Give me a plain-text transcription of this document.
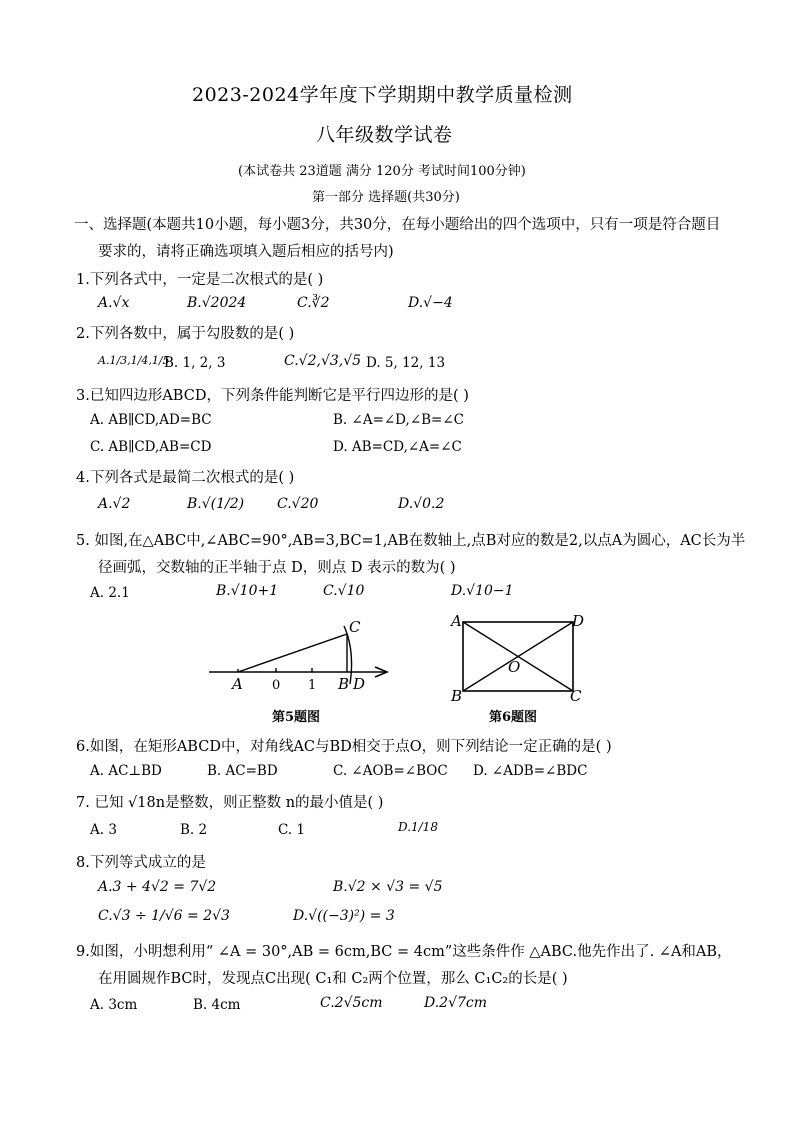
2023-2024学年度下学期期中教学质量检测
八年级数学试卷
(本试卷共 23道题 满分 120分 考试时间100分钟)
第一部分 选择题(共30分)
一、选择题(本题共10小题，每小题3分，共30分，在每小题给出的四个选项中，只有一项是符合题目
要求的，请将正确选项填入题后相应的括号内)
1.下列各式中，一定是二次根式的是( )
A.√x	B.√2024	C.∛2	D.√−4
2.下列各数中，属于勾股数的是( )
A.1/3,1/4,1/5
B. 1, 2, 3	C.√2,√3,√5 D. 5, 12, 13
3.已知四边形ABCD，下列条件能判断它是平行四边形的是( )
A. AB∥CD,AD=BC	B. ∠A=∠D,∠B=∠C
C. AB∥CD,AB=CD	D. AB=CD,∠A=∠C
4.下列各式是最简二次根式的是( )
A.√2	B.√(1/2) C.√20	D.√0.2
5. 如图,在△ABC中,∠ABC=90°,AB=3,BC=1,AB在数轴上,点B对应的数是2,以点A为圆心，AC长为半
径画弧，交数轴的正半轴于点 D，则点 D 表示的数为( )
A. 2.1	B.√10+1	C.√10	D.√10−1
A 0 1 B D
C
第5题图
A	D
O
B	C
第6题图
6.如图，在矩形ABCD中，对角线AC与BD相交于点O，则下列结论一定正确的是( )
A. AC⊥BD	B. AC=BD	C. ∠AOB=∠BOC D. ∠ADB=∠BDC
7. 已知 √18n是整数，则正整数 n的最小值是( )
A. 3	B. 2	C. 1	D.1/18
8.下列等式成立的是
A.3 + 4√2 = 7√2	B.√2 × √3 = √5
C.√3 ÷ 1/√6 = 2√3	D.√((−3)²) = 3
9.如图，小明想利用“ ∠A = 30°,AB = 6cm,BC = 4cm”这些条件作 △ABC.他先作出了. ∠A和AB，
在用圆规作BC时，发现点C出现( C₁和 C₂两个位置，那么 C₁C₂的长是( )
A. 3cm	B. 4cm	C.2√5cm	D.2√7cm
